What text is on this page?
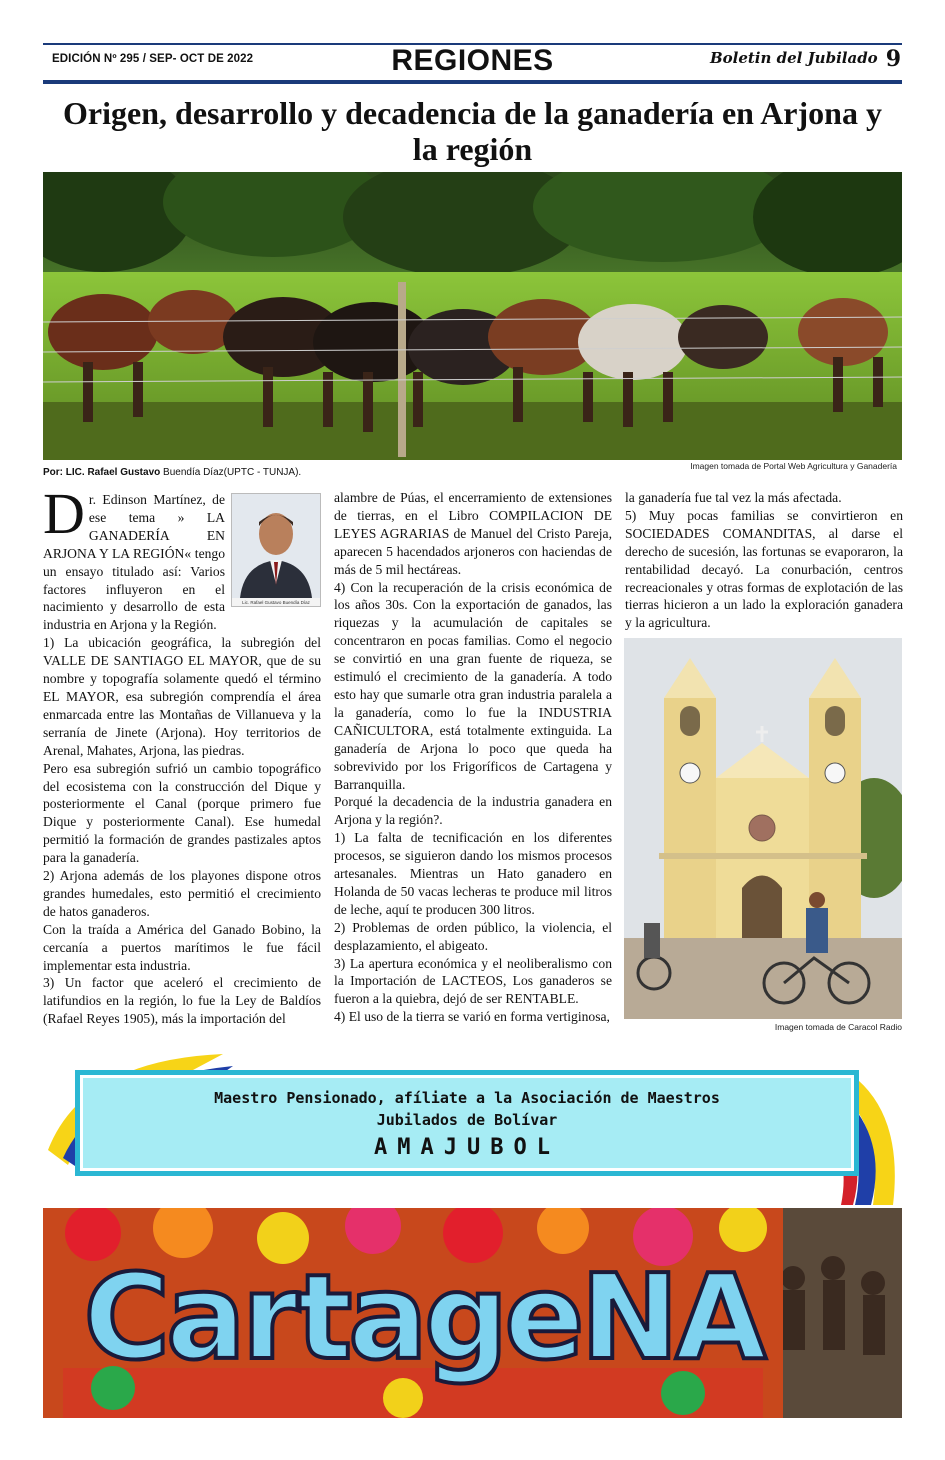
EDICIÓN Nº 295 / SEP- OCT DE 2022	REGIONES	Boletin del Jubilado 9
Origen, desarrollo y decadencia de la ganadería en Arjona y la región
Por: LIC. Rafael Gustavo Buendía Díaz(UPTC - TUNJA).
Imagen tomada de Portal Web Agricultura y Ganadería
Lic. Rafael Gustavo Buendía Díaz
D r. Edinson Martínez, de ese tema » LA GANADERÍA EN ARJONA Y LA REGIÓN« tengo un ensayo titulado así: Varios factores influyeron en el nacimiento y desarrollo de esta industria en Arjona y la Región.

1) La ubicación geográfica, la subregión del VALLE DE SANTIAGO EL MAYOR, que de su nombre y topografía solamente quedó el término EL MAYOR, esa subregión comprendía el área enmarcada entre las Montañas de Villanueva y la serranía de Jinete (Arjona). Hoy territorios de Arenal, Mahates, Arjona, las piedras.

Pero esa subregión sufrió un cambio topográfico del ecosistema con la construcción del Dique y posteriormente el Canal (porque primero fue Dique y posteriormente Canal). Ese humedal permitió la formación de grandes pastizales aptos para la ganadería.

2) Arjona además de los playones dispone otros grandes humedales, esto permitió el crecimiento de hatos ganaderos.

Con la traída a América del Ganado Bobino, la cercanía a puertos marítimos le fue fácil implementar esta industria.

3) Un factor que aceleró el crecimiento de latifundios en la región, lo fue la Ley de Baldíos (Rafael Reyes 1905), más la importación del

alambre de Púas, el encerramiento de extensiones de tierras, en el Libro COMPILACION DE LEYES AGRARIAS de Manuel del Cristo Pareja, aparecen 5 hacendados arjoneros con haciendas de más de 5 mil hectáreas.

4) Con la recuperación de la crisis económica de los años 30s. Con la exportación de ganados, las riquezas y la acumulación de capitales se concentraron en pocas familias. Como el negocio se convirtió en una gran fuente de riqueza, se estimuló el crecimiento de la ganadería. A todo esto hay que sumarle otra gran industria paralela a la ganadería, como lo fue la INDUSTRIA CAÑICULTORA, está totalmente extinguida. La ganadería de Arjona lo poco que queda ha sobrevivido por los Frigoríficos de Cartagena y Barranquilla.

Porqué la decadencia de la industria ganadera en Arjona y la región?.

1) La falta de tecnificación en los diferentes procesos, se siguieron dando los mismos procesos artesanales. Mientras un Hato ganadero en Holanda de 50 vacas lecheras te produce mil litros de leche, aquí te producen 300 litros.

2) Problemas de orden público, la violencia, el desplazamiento, el abigeato.

3) La apertura económica y el neoliberalismo con la Importación de LACTEOS, Los ganaderos se fueron a la quiebra, dejó de ser RENTABLE.

4) El uso de la tierra se varió en forma vertiginosa,

la ganadería fue tal vez la más afectada.

5) Muy pocas familias se convirtieron en SOCIEDADES COMANDITAS, al darse el derecho de sucesión, las fortunas se evaporaron, la rentabilidad decayó. La conurbación, centros recreacionales y otras formas de explotación de las tierras hicieron a un lado la exploración ganadera y la agricultura.

Imagen tomada de Caracol Radio
Maestro Pensionado, afíliate a la Asociación de Maestros
Jubilados de Bolívar
AMAJUBOL
CartageNA
